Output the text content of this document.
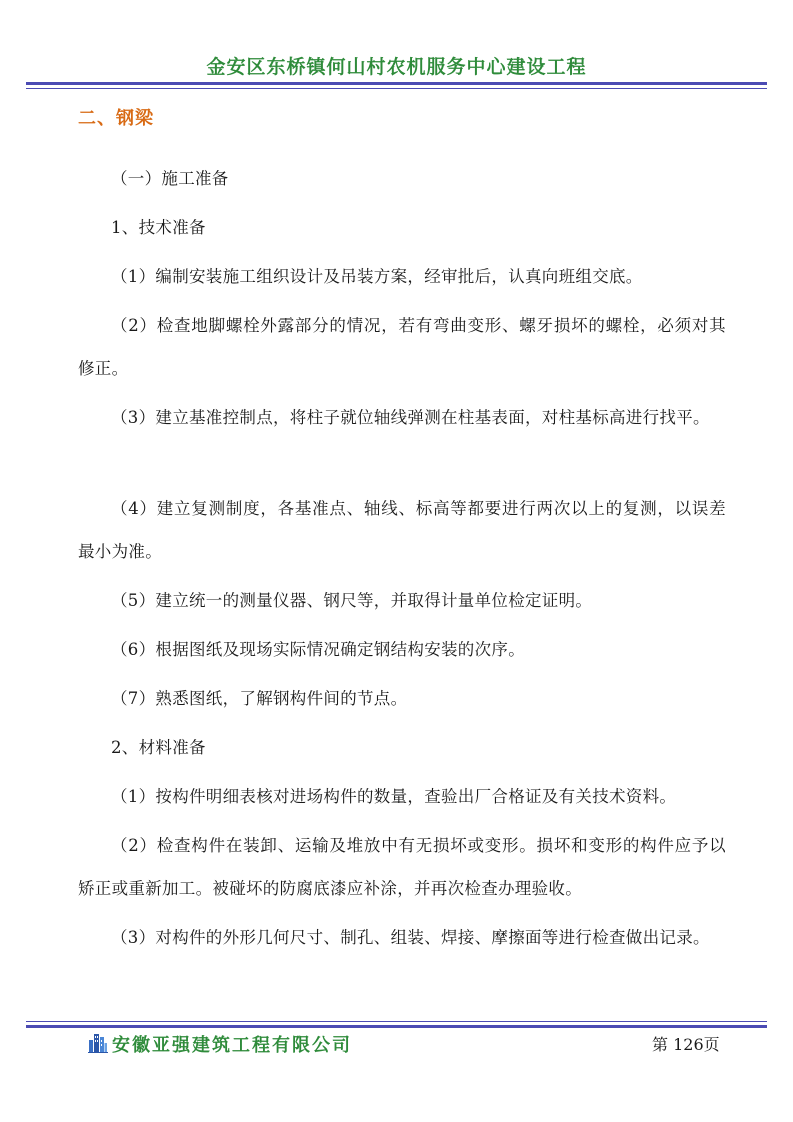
金安区东桥镇何山村农机服务中心建设工程
二、钢梁
（一）施工准备
1、技术准备
（1）编制安装施工组织设计及吊装方案，经审批后，认真向班组交底。
（2）检查地脚螺栓外露部分的情况，若有弯曲变形、螺牙损坏的螺栓，必须对其修正。
（3）建立基准控制点，将柱子就位轴线弹测在柱基表面，对柱基标高进行找平。
（4）建立复测制度，各基准点、轴线、标高等都要进行两次以上的复测，以误差最小为准。
（5）建立统一的测量仪器、钢尺等，并取得计量单位检定证明。
（6）根据图纸及现场实际情况确定钢结构安装的次序。
（7）熟悉图纸，了解钢构件间的节点。
2、材料准备
（1）按构件明细表核对进场构件的数量，查验出厂合格证及有关技术资料。
（2）检查构件在装卸、运输及堆放中有无损坏或变形。损坏和变形的构件应予以矫正或重新加工。被碰坏的防腐底漆应补涂，并再次检查办理验收。
（3）对构件的外形几何尺寸、制孔、组装、焊接、摩擦面等进行检查做出记录。
安徽亚强建筑工程有限公司	第 126页
